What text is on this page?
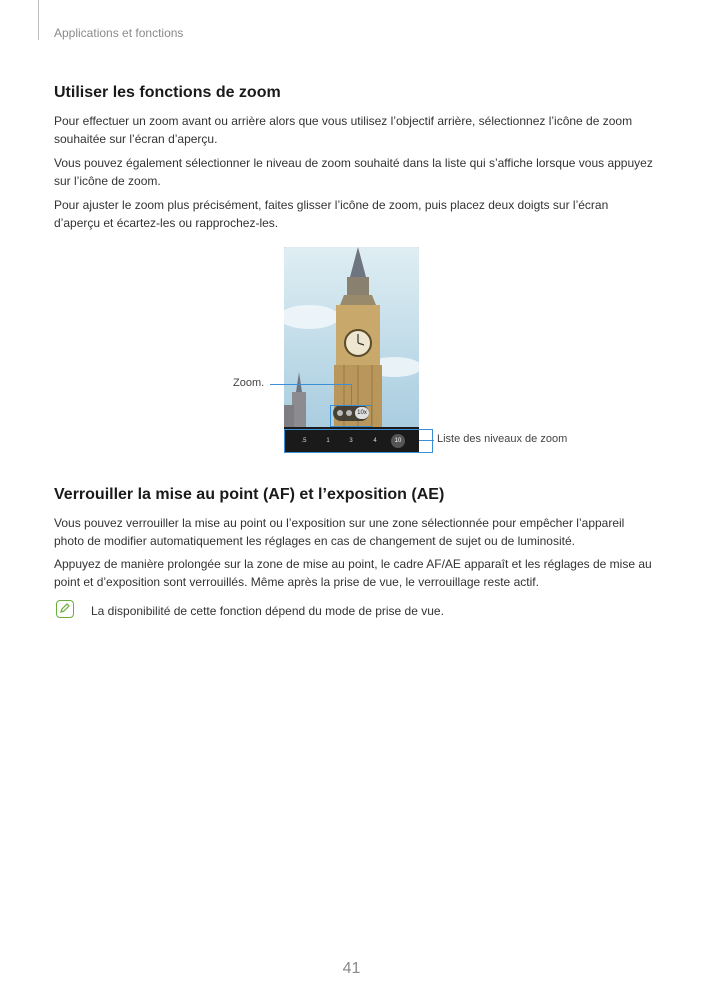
Applications et fonctions
Utiliser les fonctions de zoom

Pour effectuer un zoom avant ou arrière alors que vous utilisez l’objectif arrière, sélectionnez l’icône de zoom souhaitée sur l’écran d’aperçu.

Vous pouvez également sélectionner le niveau de zoom souhaité dans la liste qui s’affiche lorsque vous appuyez sur l’icône de zoom.

Pour ajuster le zoom plus précisément, faites glisser l’icône de zoom, puis placez deux doigts sur l’écran d’aperçu et écartez-les ou rapprochez-les.

10x
.5	1	3	4	10
Zoom.
Liste des niveaux de zoom
Verrouiller la mise au point (AF) et l’exposition (AE)

Vous pouvez verrouiller la mise au point ou l’exposition sur une zone sélectionnée pour empêcher l’appareil photo de modifier automatiquement les réglages en cas de changement de sujet ou de luminosité.

Appuyez de manière prolongée sur la zone de mise au point, le cadre AF/AE apparaît et les réglages de mise au point et d’exposition sont verrouillés. Même après la prise de vue, le verrouillage reste actif.

La disponibilité de cette fonction dépend du mode de prise de vue.

41
